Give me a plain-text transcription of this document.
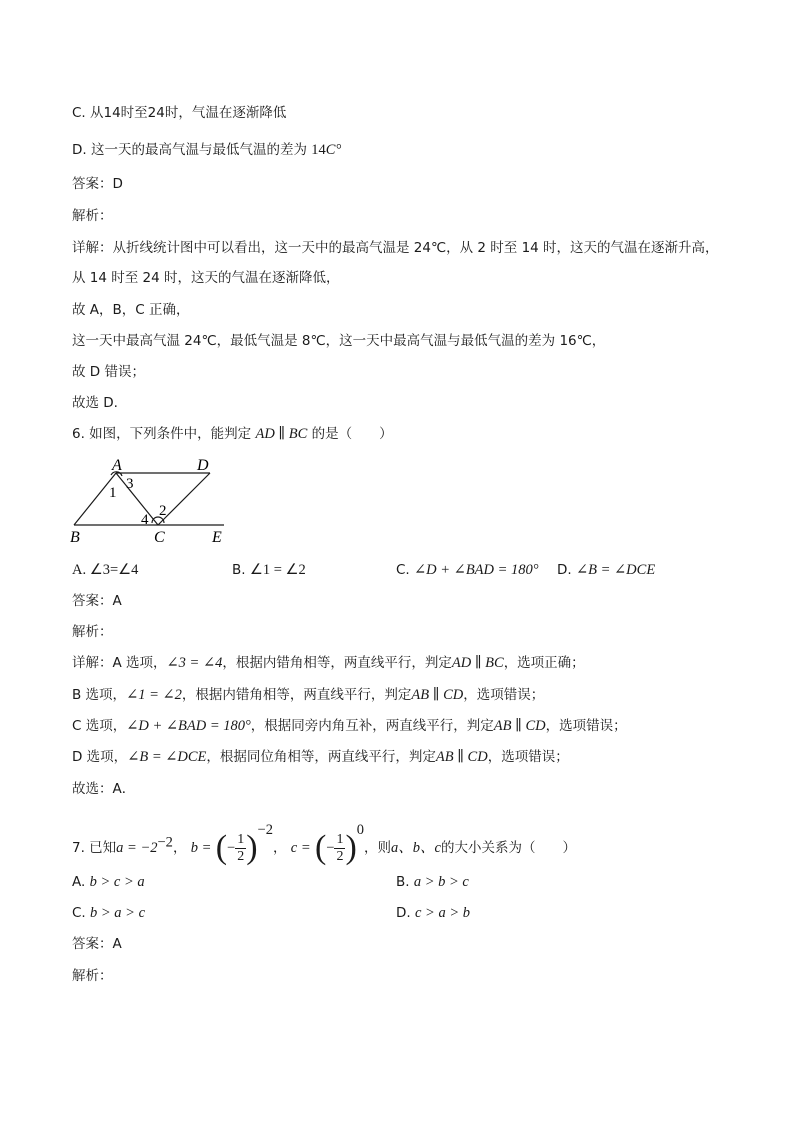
C. 从14时至24时，气温在逐渐降低
D. 这一天的最高气温与最低气温的差为 14C°
答案：D
解析：
详解：从折线统计图中可以看出，这一天中的最高气温是 24℃，从 2 时至 14 时，这天的气温在逐渐升高，
从 14 时至 24 时，这天的气温在逐渐降低，
故 A，B，C 正确，
这一天中最高气温 24℃，最低气温是 8℃，这一天中最高气温与最低气温的差为 16℃，
故 D 错误；
故选 D.
6. 如图，下列条件中，能判定 AD ∥ BC 的是（　　）
A	D
B	C	E
1
3
2
4
A. ∠3=∠4	B. ∠1 = ∠2	C. ∠D + ∠BAD = 180° D. ∠B = ∠DCE
答案：A
解析：
详解：A 选项，∠3 = ∠4，根据内错角相等，两直线平行，判定AD ∥ BC，选项正确；
B 选项，∠1 = ∠2，根据内错角相等，两直线平行，判定AB ∥ CD，选项错误；
C 选项，∠D + ∠BAD = 180°，根据同旁内角互补，两直线平行，判定AB ∥ CD，选项错误；
D 选项，∠B = ∠DCE，根据同位角相等，两直线平行，判定AB ∥ CD，选项错误；
故选：A．
7. 已知$a = -2^{-2}$， b = (− $\frac{1}{2} )^{-2}$， c = (− $\frac{1}{2} )^0$，则a、b、c的大小关系为（　　）
A. b > c > a	B. a > b > c
C. b > a > c	D. c > a > b
答案：A
解析：
